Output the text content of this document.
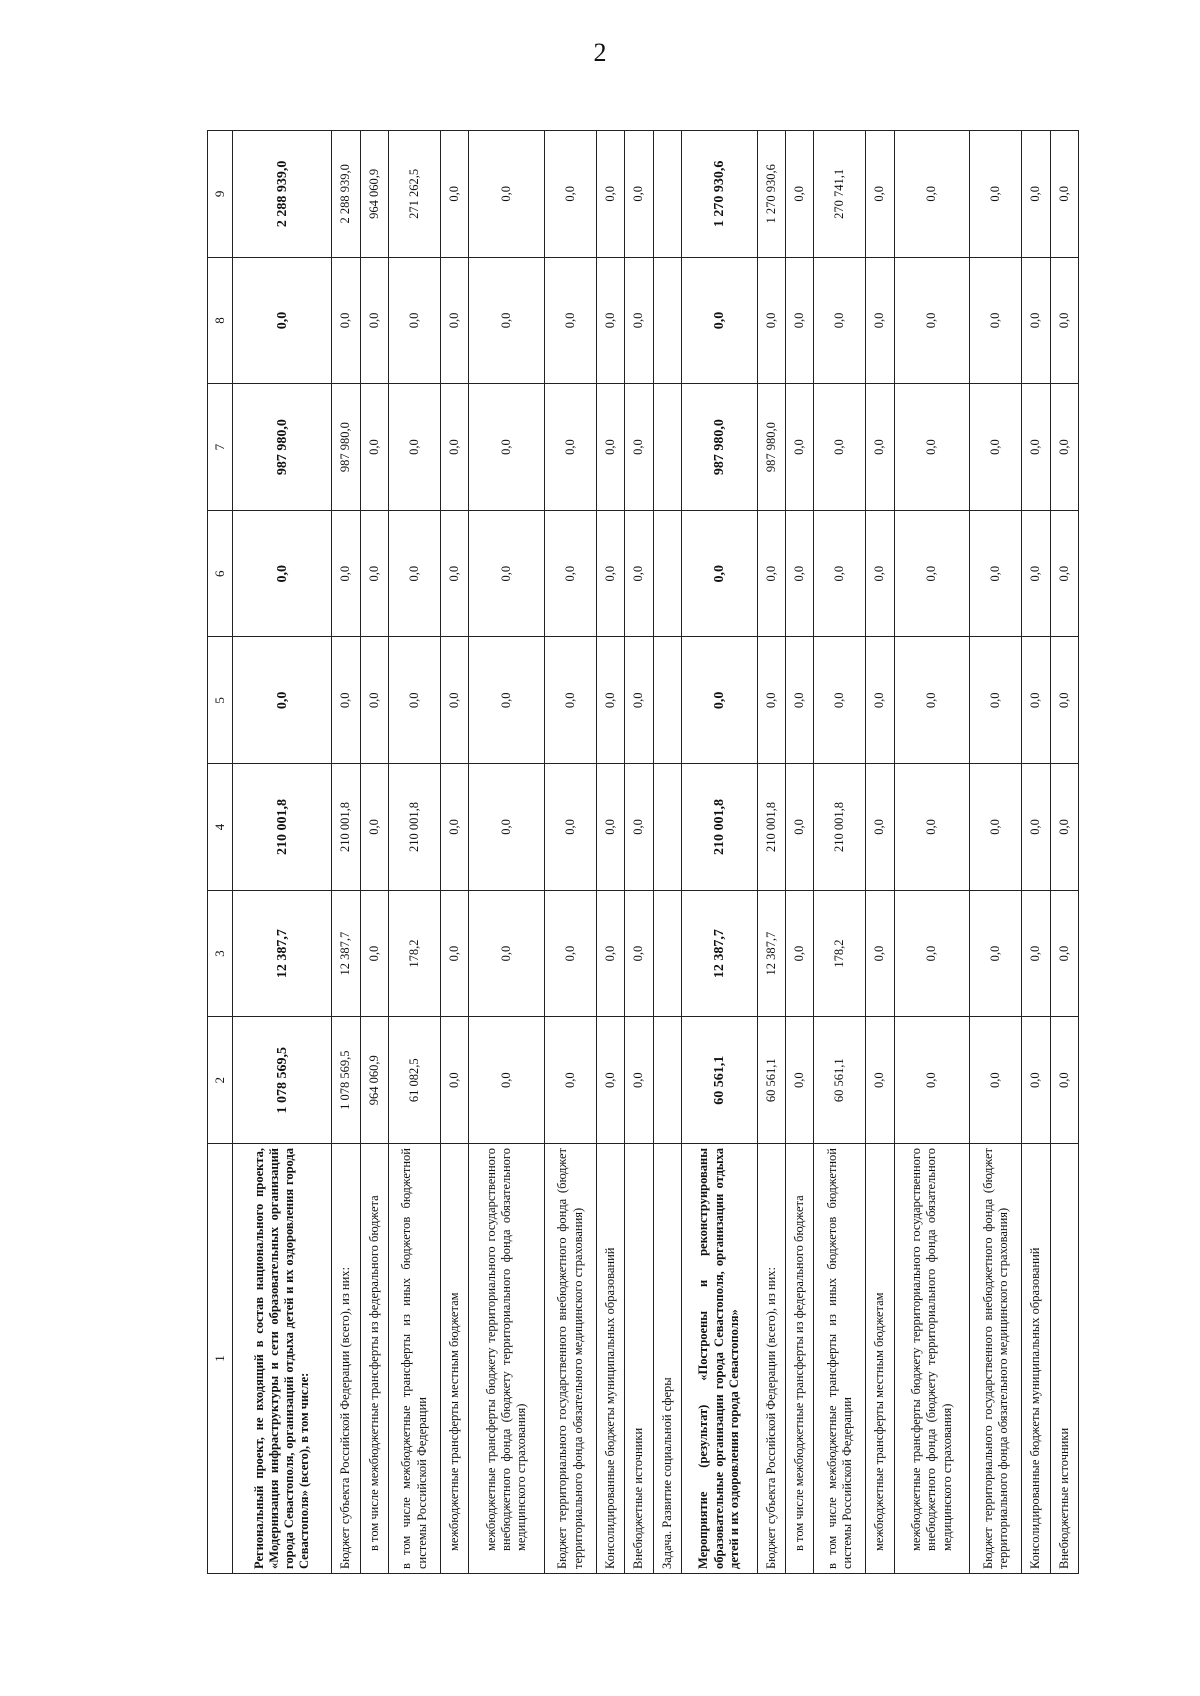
2
1	2	3	4	5	6	7	8	9
Региональный проект, не входящий в состав национального проекта, «Модернизация инфраструктуры и сети образовательных организаций города Севастополя, организаций отдыха детей и их оздоровления города Севастополя» (всего), в том числе:	1 078 569,5	12 387,7	210 001,8	0,0	0,0	987 980,0	0,0	2 288 939,0
Бюджет субъекта Российской Федерации (всего), из них:	1 078 569,5	12 387,7	210 001,8	0,0	0,0	987 980,0	0,0	2 288 939,0
в том числе межбюджетные трансферты из федерального бюджета	964 060,9	0,0	0,0	0,0	0,0	0,0	0,0	964 060,9
в том числе межбюджетные трансферты из иных бюджетов бюджетной системы Российской Федерации	61 082,5	178,2	210 001,8	0,0	0,0	0,0	0,0	271 262,5
межбюджетные трансферты местным бюджетам	0,0	0,0	0,0	0,0	0,0	0,0	0,0	0,0
межбюджетные трансферты бюджету территориального государственного внебюджетного фонда (бюджету территориального фонда обязательного медицинского страхования)	0,0	0,0	0,0	0,0	0,0	0,0	0,0	0,0
Бюджет территориального государственного внебюджетного фонда (бюджет территориального фонда обязательного медицинского страхования)	0,0	0,0	0,0	0,0	0,0	0,0	0,0	0,0
Консолидированные бюджеты муниципальных образований	0,0	0,0	0,0	0,0	0,0	0,0	0,0	0,0
Внебюджетные источники	0,0	0,0	0,0	0,0	0,0	0,0	0,0	0,0
Задача. Развитие социальной сферы								
Мероприятие (результат) «Построены и реконструированы образовательные организации города Севастополя, организации отдыха детей и их оздоровления города Севастополя»	60 561,1	12 387,7	210 001,8	0,0	0,0	987 980,0	0,0	1 270 930,6
Бюджет субъекта Российской Федерации (всего), из них:	60 561,1	12 387,7	210 001,8	0,0	0,0	987 980,0	0,0	1 270 930,6
в том числе межбюджетные трансферты из федерального бюджета	0,0	0,0	0,0	0,0	0,0	0,0	0,0	0,0
в том числе межбюджетные трансферты из иных бюджетов бюджетной системы Российской Федерации	60 561,1	178,2	210 001,8	0,0	0,0	0,0	0,0	270 741,1
межбюджетные трансферты местным бюджетам	0,0	0,0	0,0	0,0	0,0	0,0	0,0	0,0
межбюджетные трансферты бюджету территориального государственного внебюджетного фонда (бюджету территориального фонда обязательного медицинского страхования)	0,0	0,0	0,0	0,0	0,0	0,0	0,0	0,0
Бюджет территориального государственного внебюджетного фонда (бюджет территориального фонда обязательного медицинского страхования)	0,0	0,0	0,0	0,0	0,0	0,0	0,0	0,0
Консолидированные бюджеты муниципальных образований	0,0	0,0	0,0	0,0	0,0	0,0	0,0	0,0
Внебюджетные источники	0,0	0,0	0,0	0,0	0,0	0,0	0,0	0,0
